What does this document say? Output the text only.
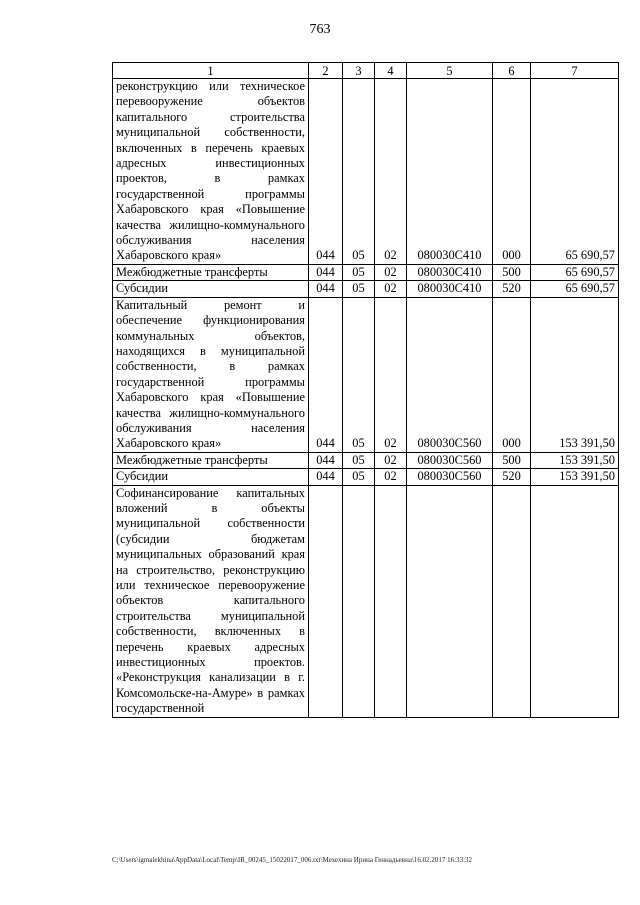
763
1	2	3	4	5	6	7
реконструкцию или техническое перевооружение объектов капитального строительства муниципальной собственности, включенных в перечень краевых адресных инвестиционных проектов, в рамках государственной программы Хабаровского края «Повышение качества жилищно-коммунального обслуживания населения Хабаровского края»	044	05	02	080030С410	000	65 690,57
Межбюджетные трансферты	044	05	02	080030С410	500	65 690,57
Субсидии	044	05	02	080030С410	520	65 690,57
Капитальный ремонт и обеспечение функционирования коммунальных объектов, находящихся в муниципальной собственности, в рамках государственной программы Хабаровского края «Повышение качества жилищно-коммунального обслуживания населения Хабаровского края»	044	05	02	080030С560	000	153 391,50
Межбюджетные трансферты	044	05	02	080030С560	500	153 391,50
Субсидии	044	05	02	080030С560	520	153 391,50
Софинансирование капитальных вложений в объекты муниципальной собственности (субсидии бюджетам муниципальных образований края на строительство, реконструкцию или техническое перевооружение объектов капитального строительства муниципальной собственности, включенных в перечень краевых адресных инвестиционных проектов. «Реконструкция канализации в г. Комсомольске-на-Амуре» в рамках государственной						
C:\Users\igmalekhina\AppData\Local\Temp\IR_00245_15022017_006.txt\Мехехина Ирина Геннадьевна\16.02.2017 16:33:32
